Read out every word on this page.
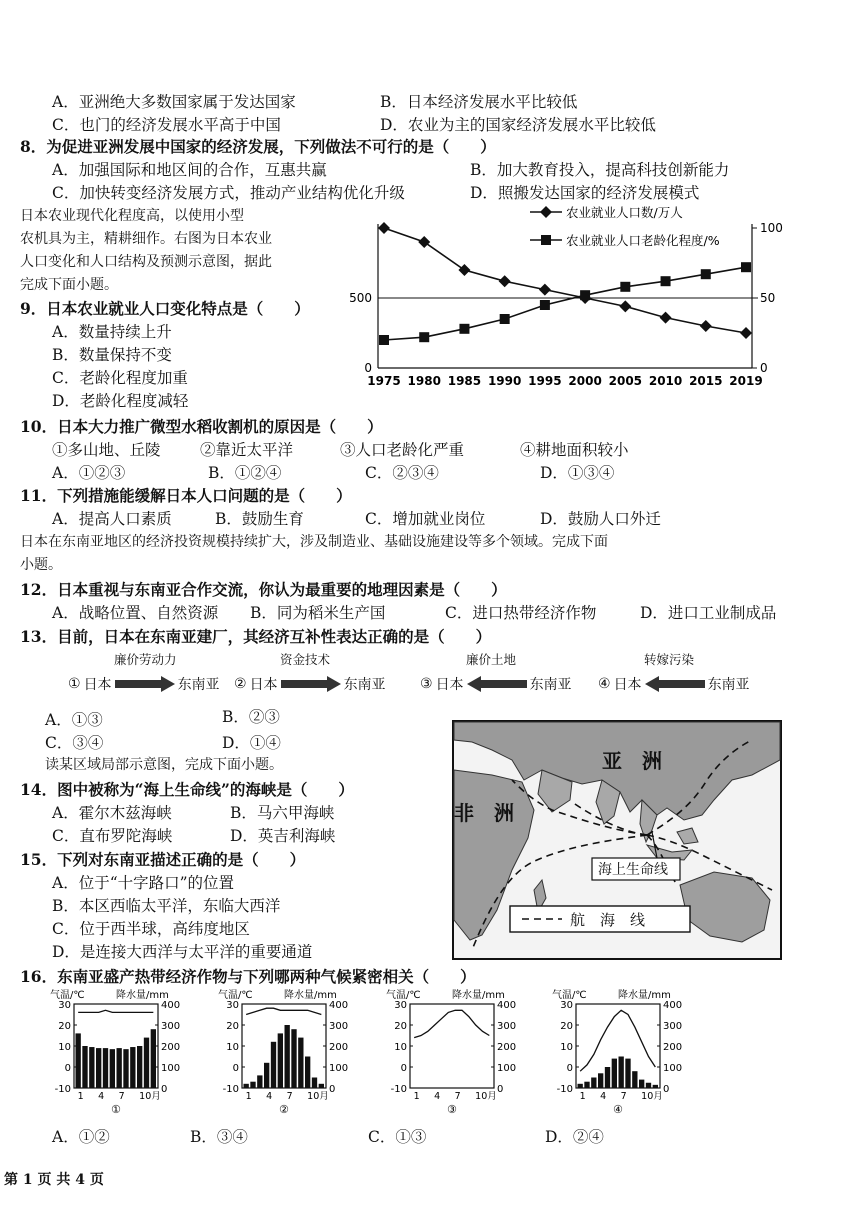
A．亚洲绝大多数国家属于发达国家	B．日本经济发展水平比较低
C．也门的经济发展水平高于中国	D．农业为主的国家经济发展水平比较低
8．为促进亚洲发展中国家的经济发展，下列做法不可行的是（　　）
A．加强国际和地区间的合作，互惠共赢	B．加大教育投入，提高科技创新能力
C．加快转变经济发展方式，推动产业结构优化升级	D．照搬发达国家的经济发展模式
日本农业现代化程度高，以使用小型
农机具为主，精耕细作。右图为日本农业
人口变化和人口结构及预测示意图，据此
完成下面小题。
9．日本农业就业人口变化特点是（　　）
A．数量持续上升
B．数量保持不变
C．老龄化程度加重
D．老龄化程度减轻
0
500
0
50
100
1975 1980 1985 1990 1995 2000 2005 2010 2015 2019
农业就业人口数/万人
农业就业人口老龄化程度/%
10．日本大力推广微型水稻收割机的原因是（　　）
①多山地、丘陵	②靠近太平洋	③人口老龄化严重	④耕地面积较小
A．①②③	B．①②④	C．②③④	D．①③④
11．下列措施能缓解日本人口问题的是（　　）
A．提高人口素质	B．鼓励生育	C．增加就业岗位	D．鼓励人口外迁
日本在东南亚地区的经济投资规模持续扩大，涉及制造业、基础设施建设等多个领域。完成下面
小题。
12．日本重视与东南亚合作交流，你认为最重要的地理因素是（　　）
A．战略位置、自然资源 B．同为稻米生产国	C．进口热带经济作物	D．进口工业制成品
13．目前，日本在东南亚建厂，其经济互补性表达正确的是（　　）
廉价劳动力
① 日本	东南亚
资金技术
② 日本	东南亚
廉价土地
③ 日本	东南亚
转嫁污染
④ 日本	东南亚
A．①③	B．②③
C．③④	D．①④
读某区域局部示意图，完成下面小题。
14．图中被称为“海上生命线”的海峡是（　　）
A．霍尔木兹海峡	B．马六甲海峡
C．直布罗陀海峡	D．英吉利海峡
15．下列对东南亚描述正确的是（　　）
A．位于“十字路口”的位置
B．本区西临太平洋，东临大西洋
C．位于西半球，高纬度地区
D．是连接大西洋与太平洋的重要通道
亚　洲
非　洲
海上生命线
航　海　线
16．东南亚盛产热带经济作物与下列哪两种气候紧密相关（　　）
气温/℃	降水量/mm
30
20
10
0
-10
400
300
200
100
0
1 4 7 10月
①
气温/℃	降水量/mm
30
20
10
0
-10
400
300
200
100
0
1 4 7 10月
②
气温/℃	降水量/mm
30
20
10
0
-10
400
300
200
100
0
1 4 7 10月
③
气温/℃	降水量/mm
30
20
10
0
-10
400
300
200
100
0
1 4 7 10月
④
A．①②	B．③④	C．①③	D．②④
第 1 页 共 4 页
